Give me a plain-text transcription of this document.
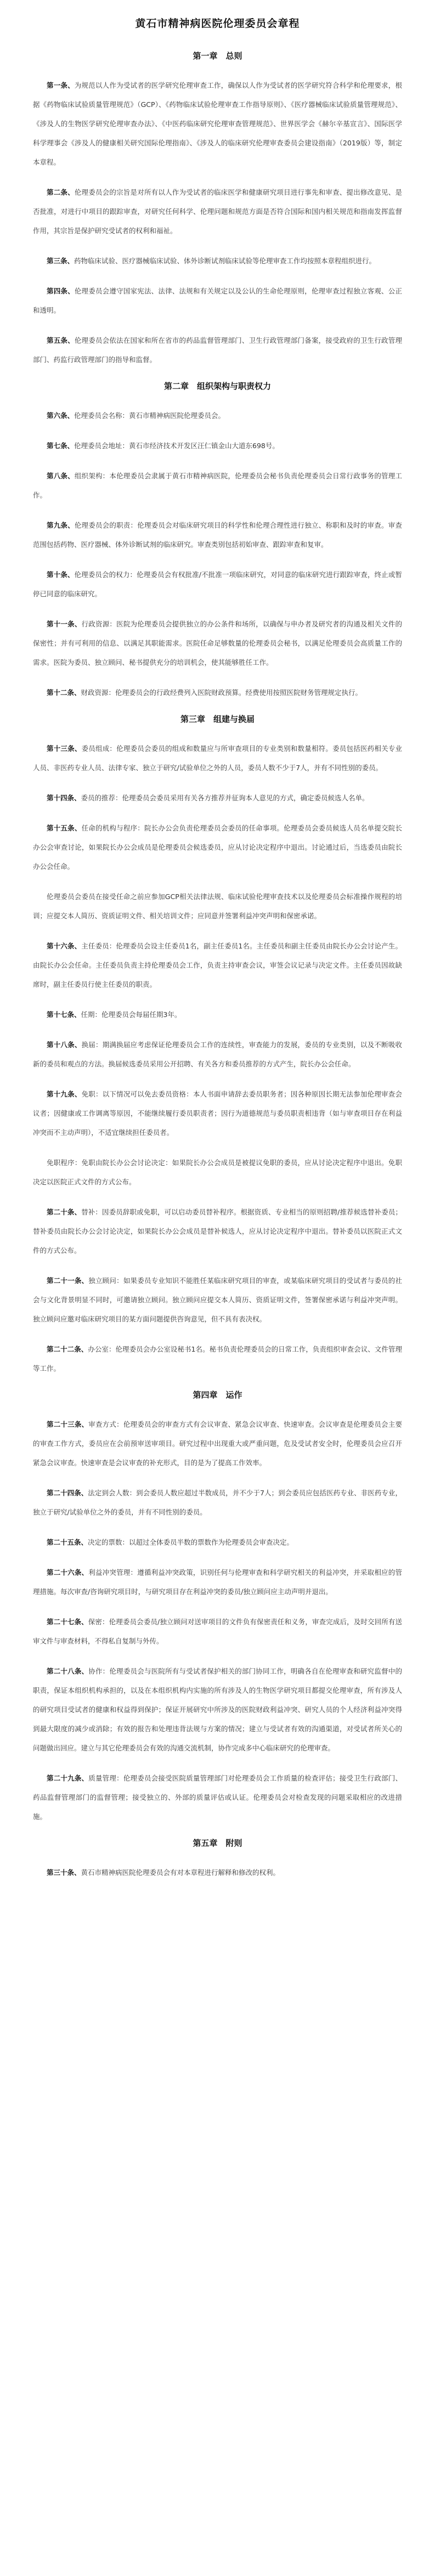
黄石市精神病医院伦理委员会章程
第一章　总则

第一条、为规范以人作为受试者的医学研究伦理审查工作，确保以人作为受试者的医学研究符合科学和伦理要求，根据《药物临床试验质量管理规范》（GCP）、《药物临床试验伦理审查工作指导原则》、《医疗器械临床试验质量管理规范》、《涉及人的生物医学研究伦理审查办法》、《中医药临床研究伦理审查管理规范》、世界医学会《赫尔辛基宣言》、国际医学科学理事会《涉及人的健康相关研究国际伦理指南》、《涉及人的临床研究伦理审查委员会建设指南》（2019版）等，制定本章程。

第二条、伦理委员会的宗旨是对所有以人作为受试者的临床医学和健康研究项目进行事先和审查、提出修改意见、是否批准，对进行中项目的跟踪审查，对研究任何科学、伦理问题和规范方面是否符合国际和国内相关规范和指南发挥监督作用，其宗旨是保护研究受试者的权利和福祉。

第三条、药物临床试验、医疗器械临床试验、体外诊断试剂临床试验等伦理审查工作均按照本章程组织进行。

第四条、伦理委员会遵守国家宪法、法律、法规和有关规定以及公认的生命伦理原则，伦理审查过程独立客观、公正和透明。

第五条、伦理委员会依法在国家和所在省市的药品监督管理部门、卫生行政管理部门备案，接受政府的卫生行政管理部门、药监行政管理部门的指导和监督。

第二章　组织架构与职责权力

第六条、伦理委员会名称：黄石市精神病医院伦理委员会。

第七条、伦理委员会地址：黄石市经济技术开发区汪仁镇金山大道东698号。

第八条、组织架构：本伦理委员会隶属于黄石市精神病医院，伦理委员会秘书负责伦理委员会日常行政事务的管理工作。

第九条、伦理委员会的职责：伦理委员会对临床研究项目的科学性和伦理合理性进行独立、称职和及时的审查。审查范围包括药物、医疗器械、体外诊断试剂的临床研究。审查类别包括初始审查、跟踪审查和复审。

第十条、伦理委员会的权力：伦理委员会有权批准/不批准一项临床研究，对同意的临床研究进行跟踪审查，终止或暂停已同意的临床研究。

第十一条、行政资源：医院为伦理委员会提供独立的办公条件和场所，以确保与申办者及研究者的沟通及相关文件的保密性；并有可利用的信息、以满足其职能需求。医院任命足够数量的伦理委员会秘书，以满足伦理委员会高质量工作的需求。医院为委员、独立顾问、秘书提供充分的培训机会，使其能够胜任工作。

第十二条、财政资源：伦理委员会的行政经费列入医院财政预算。经费使用按照医院财务管理规定执行。

第三章　组建与换届

第十三条、委员组成：伦理委员会委员的组成和数量应与所审查项目的专业类别和数量相符。委员包括医药相关专业人员、非医药专业人员、法律专家、独立于研究/试验单位之外的人员，委员人数不少于7人，并有不同性别的委员。

第十四条、委员的推荐：伦理委员会委员采用有关各方推荐并征询本人意见的方式，确定委员候选人名单。

第十五条、任命的机构与程序：院长办公会负责伦理委员会委员的任命事项。伦理委员会委员候选人员名单提交院长办公会审查讨论，如果院长办公会成员是伦理委员会候选委员，应从讨论决定程序中退出。讨论通过后，当选委员由院长办公会任命。

伦理委员会委员在接受任命之前应参加GCP相关法律法规、临床试验伦理审查技术以及伦理委员会标准操作规程的培训；应提交本人简历、资质证明文件、相关培训文件；应同意并签署利益冲突声明和保密承诺。

第十六条、主任委员：伦理委员会设主任委员1名，副主任委员1名。主任委员和副主任委员由院长办公会讨论产生。由院长办公会任命。主任委员负责主持伦理委员会工作，负责主持审查会议，审签会议记录与决定文件。主任委员因故缺席时，副主任委员行使主任委员的职责。

第十七条、任期：伦理委员会每届任期3年。

第十八条、换届：期满换届应考虑保证伦理委员会工作的连续性，审查能力的发展，委员的专业类别，以及不断吸收新的委员和观点的方法。换届候选委员采用公开招聘、有关各方和委员推荐的方式产生，院长办公会任命。

第十九条、免职：以下情况可以免去委员资格：本人书面申请辞去委员职务者；因各种原因长期无法参加伦理审查会议者；因健康或工作调离等原因，不能继续履行委员职责者；因行为道德规范与委员职责相违背（如与审查项目存在利益冲突而不主动声明），不适宜继续担任委员者。

免职程序：免职由院长办公会讨论决定：如果院长办公会成员是被提议免职的委员，应从讨论决定程序中退出。免职决定以医院正式文件的方式公布。

第二十条、替补：因委员辞职或免职，可以启动委员替补程序。根据资质、专业相当的原则招聘/推荐候选替补委员；替补委员由院长办公会讨论决定，如果院长办公会成员是替补候选人，应从讨论决定程序中退出。替补委员以医院正式文件的方式公布。

第二十一条、独立顾问：如果委员专业知识不能胜任某临床研究项目的审查，或某临床研究项目的受试者与委员的社会与文化背景明显不同时，可邀请独立顾问。独立顾问应提交本人简历、资质证明文件，签署保密承诺与利益冲突声明。独立顾问应邀对临床研究项目的某方面问题提供咨询意见，但不具有表决权。

第二十二条、办公室：伦理委员会办公室设秘书1名。秘书负责伦理委员会的日常工作，负责组织审查会议、文件管理等工作。

第四章　运作

第二十三条、审查方式：伦理委员会的审查方式有会议审查、紧急会议审查、快速审查。会议审查是伦理委员会主要的审查工作方式，委员应在会前预审送审项目。研究过程中出现重大或严重问题，危及受试者安全时，伦理委员会应召开紧急会议审查。快速审查是会议审查的补充形式，目的是为了提高工作效率。

第二十四条、法定到会人数：到会委员人数应超过半数成员，并不少于7人；到会委员应包括医药专业、非医药专业，独立于研究/试验单位之外的委员，并有不同性别的委员。

第二十五条、决定的票数：以超过全体委员半数的票数作为伦理委员会审查决定。

第二十六条、利益冲突管理：遵循利益冲突政策，识别任何与伦理审查和科学研究相关的利益冲突，并采取相应的管理措施。每次审查/咨询研究项目时，与研究项目存在利益冲突的委员/独立顾问应主动声明并退出。

第二十七条、保密：伦理委员会委员/独立顾问对送审项目的文件负有保密责任和义务，审查完成后，及时交回所有送审文件与审查材料，不得私自复制与外传。

第二十八条、协作：伦理委员会与医院所有与受试者保护相关的部门协同工作，明确各自在伦理审查和研究监督中的职责，保证本组织机构承担的，以及在本组织机构内实施的所有涉及人的生物医学研究项目都提交伦理审查，所有涉及人的研究项目受试者的健康和权益得到保护；保证开展研究中所涉及的医院财政利益冲突、研究人员的个人经济利益冲突得到最大限度的减少或消除；有效的报告和处理违背法规与方案的情况；建立与受试者有效的沟通渠道，对受试者所关心的问题做出回应。建立与其它伦理委员会有效的沟通交流机制，协作完成多中心临床研究的伦理审查。

第二十九条、质量管理：伦理委员会接受医院质量管理部门对伦理委员会工作质量的检查评估；接受卫生行政部门、药品监督管理部门的监督管理；接受独立的、外部的质量评估或认证。伦理委员会对检查发现的问题采取相应的改进措施。

第五章　附则

第三十条、黄石市精神病医院伦理委员会有对本章程进行解释和修改的权利。
